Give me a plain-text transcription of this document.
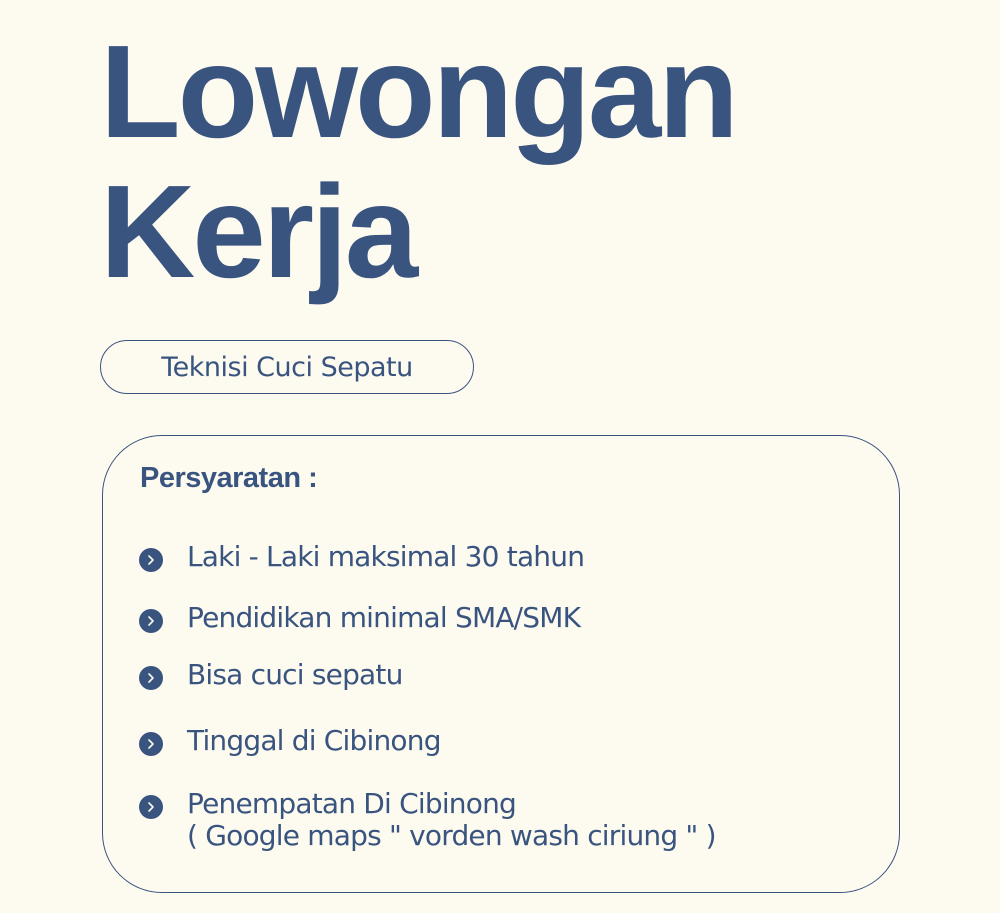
Lowongan
Kerja
Teknisi Cuci Sepatu
Persyaratan :
Laki - Laki maksimal 30 tahun
Pendidikan minimal SMA/SMK
Bisa cuci sepatu
Tinggal di Cibinong
Penempatan Di Cibinong
( Google maps " vorden wash ciriung " )
